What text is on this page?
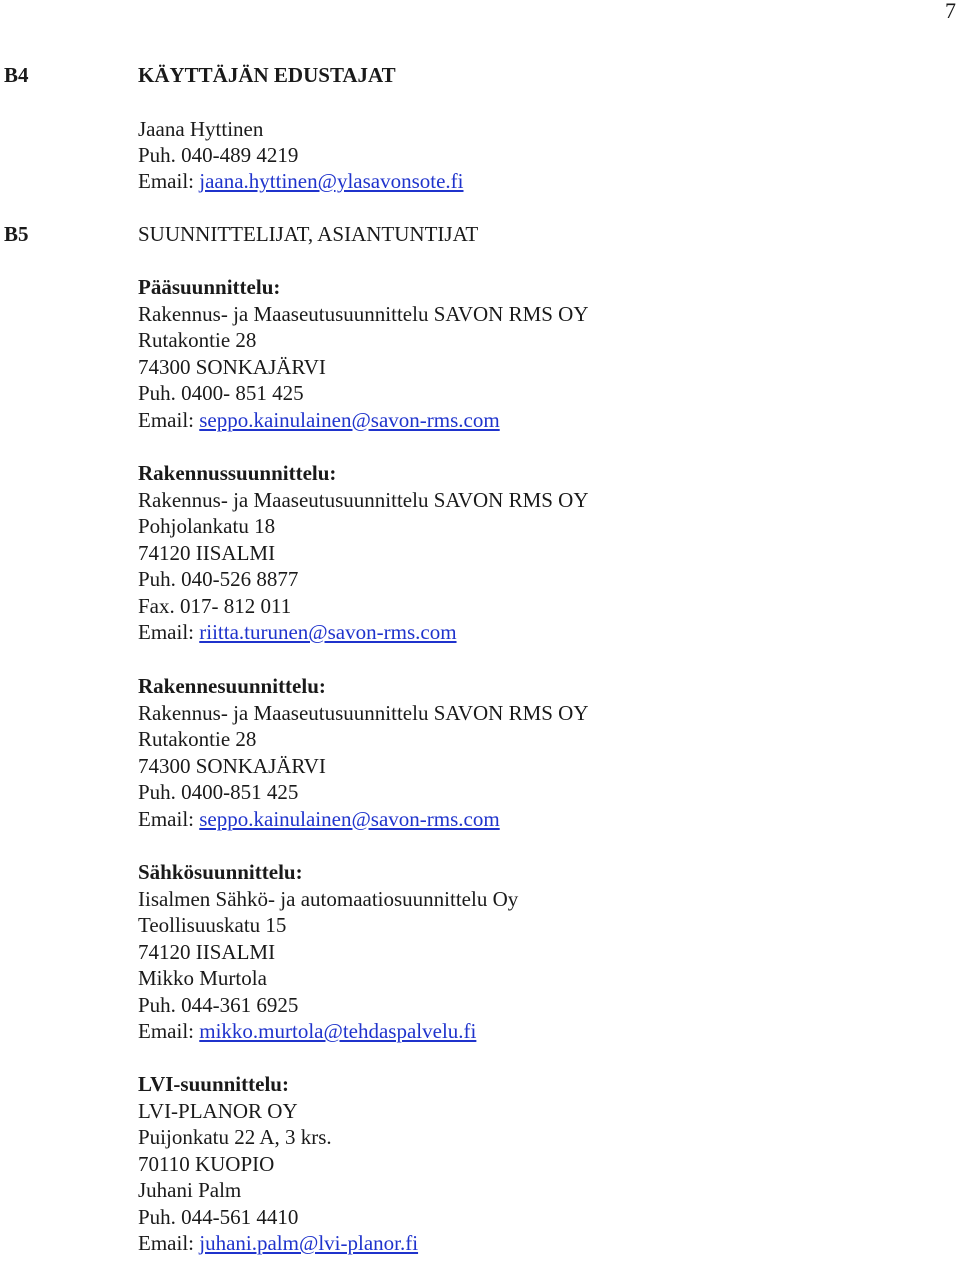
7
B4	KÄYTTÄJÄN EDUSTAJAT
Jaana Hyttinen
Puh. 040-489 4219
Email: jaana.hyttinen@ylasavonsote.fi
B5	SUUNNITTELIJAT, ASIANTUNTIJAT
Pääsuunnittelu:
Rakennus- ja Maaseutusuunnittelu SAVON RMS OY
Rutakontie 28
74300 SONKAJÄRVI
Puh. 0400- 851 425
Email: seppo.kainulainen@savon-rms.com
Rakennussuunnittelu:
Rakennus- ja Maaseutusuunnittelu SAVON RMS OY
Pohjolankatu 18
74120 IISALMI
Puh. 040-526 8877
Fax. 017- 812 011
Email: riitta.turunen@savon-rms.com
Rakennesuunnittelu:
Rakennus- ja Maaseutusuunnittelu SAVON RMS OY
Rutakontie 28
74300 SONKAJÄRVI
Puh. 0400-851 425
Email: seppo.kainulainen@savon-rms.com
Sähkösuunnittelu:
Iisalmen Sähkö- ja automaatiosuunnittelu Oy
Teollisuuskatu 15
74120 IISALMI
Mikko Murtola
Puh. 044-361 6925
Email: mikko.murtola@tehdaspalvelu.fi
LVI-suunnittelu:
LVI-PLANOR OY
Puijonkatu 22 A, 3 krs.
70110 KUOPIO
Juhani Palm
Puh. 044-561 4410
Email: juhani.palm@lvi-planor.fi
